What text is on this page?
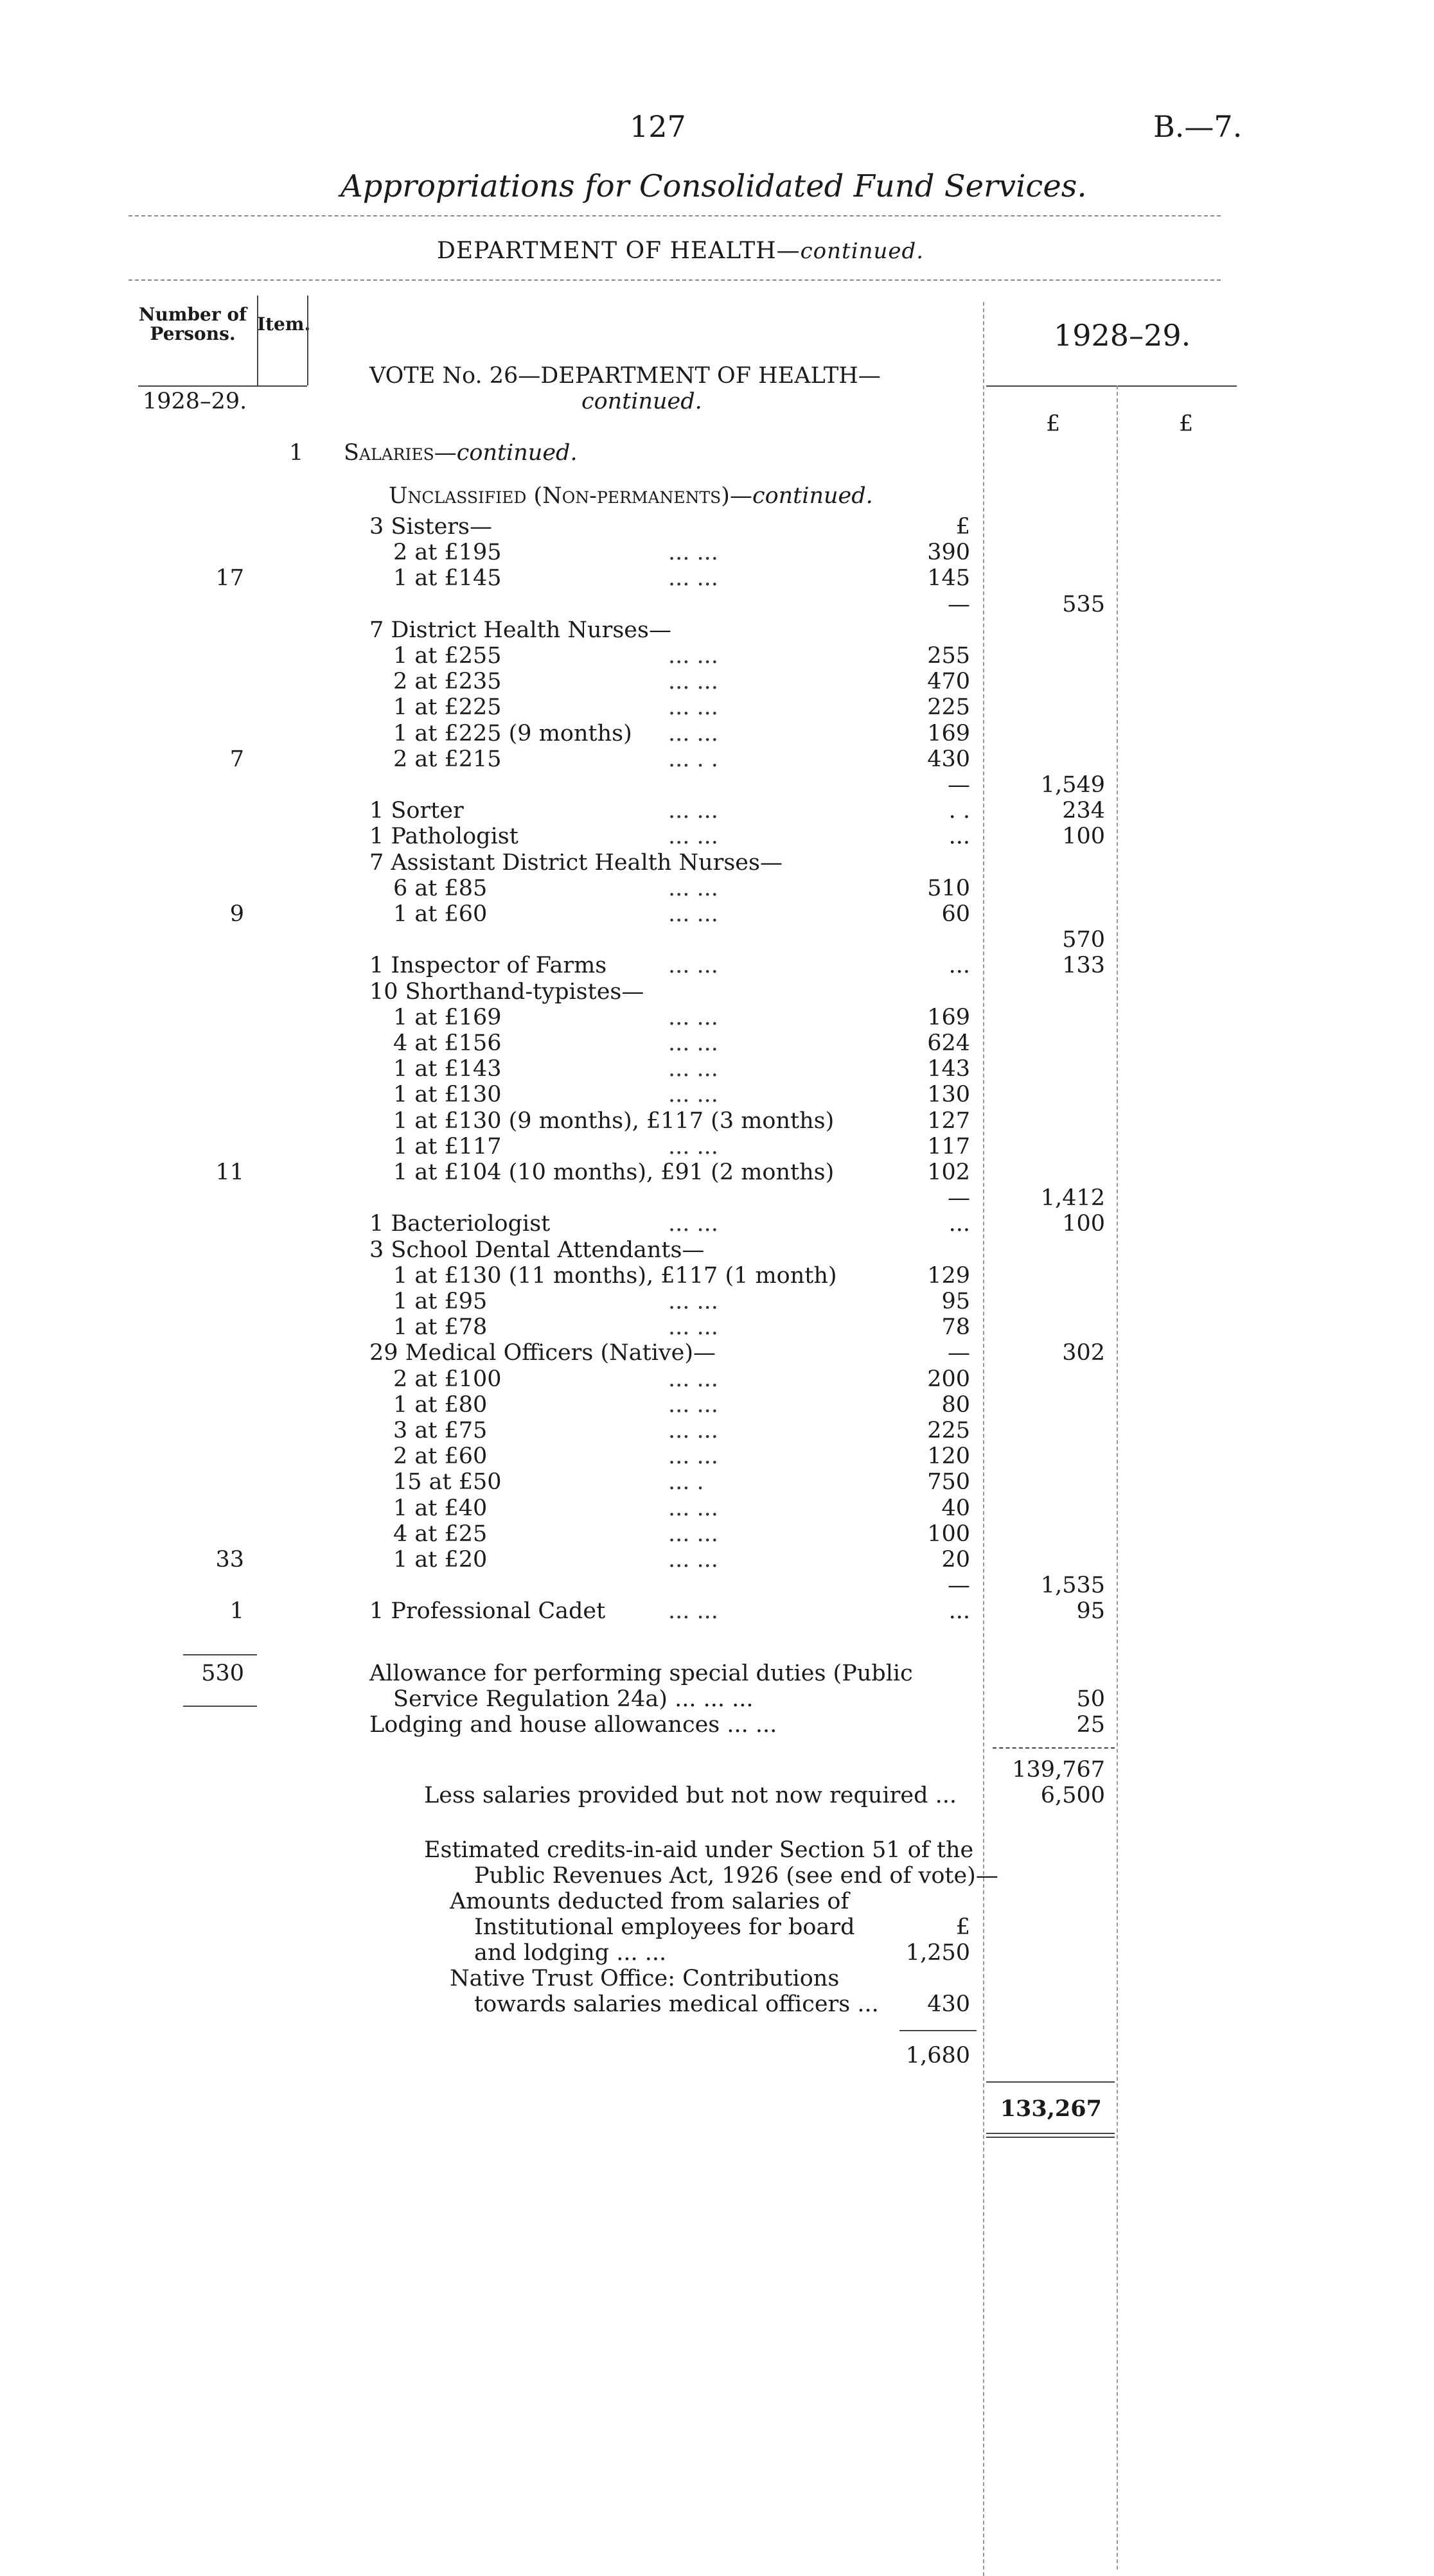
127	B.—7.
Appropriations for Consolidated Fund Services.
DEPARTMENT OF HEALTH—continued.
Number of Persons.	Item.	1928–29.
1928–29.
£	£
VOTE No. 26—DEPARTMENT OF HEALTH—
continued.
1 Salaries—continued.
Unclassified (Non-permanents)—continued.
3 Sisters—	£
2 at £195	... ...	390
17	1 at £145	... ...	145
—	535
7 District Health Nurses—
1 at £255	... ...	255
2 at £235	... ...	470
1 at £225	... ...	225
1 at £225 (9 months) ... ...	169
7	2 at £215	... . .	430
—	1,549
1 Sorter	... ...	. .	234
1 Pathologist	... ...	...	100
7 Assistant District Health Nurses—
6 at £85	... ...	510
9	1 at £60	... ...	60
570
1 Inspector of Farms	... ...	...	133
10 Shorthand-typistes—
1 at £169	... ...	169
4 at £156	... ...	624
1 at £143	... ...	143
1 at £130	... ...	130
1 at £130 (9 months), £117 (3 months)	127
1 at £117	... ...	117
11	1 at £104 (10 months), £91 (2 months)	102
—	1,412
1 Bacteriologist	... ...	...	100
3 School Dental Attendants—
1 at £130 (11 months), £117 (1 month)	129
1 at £95	... ...	95
1 at £78	... ...	78
29 Medical Officers (Native)—	—	302
2 at £100	... ...	200
1 at £80	... ...	80
3 at £75	... ...	225
2 at £60	... ...	120
15 at £50	... .	750
1 at £40	... ...	40
4 at £25	... ...	100
33	1 at £20	... ...	20
—	1,535
1	1 Professional Cadet	... ...	...	95
530	Allowance for performing special duties (Public
Service Regulation 24a) ... ... ...	50
Lodging and house allowances ... ...	25
139,767
Less salaries provided but not now required ...	6,500
Estimated credits-in-aid under Section 51 of the
Public Revenues Act, 1926 (see end of vote)—
Amounts deducted from salaries of
Institutional employees for board	£
and lodging ... ...	1,250
Native Trust Office: Contributions
towards salaries medical officers ...	430
1,680
133,267
